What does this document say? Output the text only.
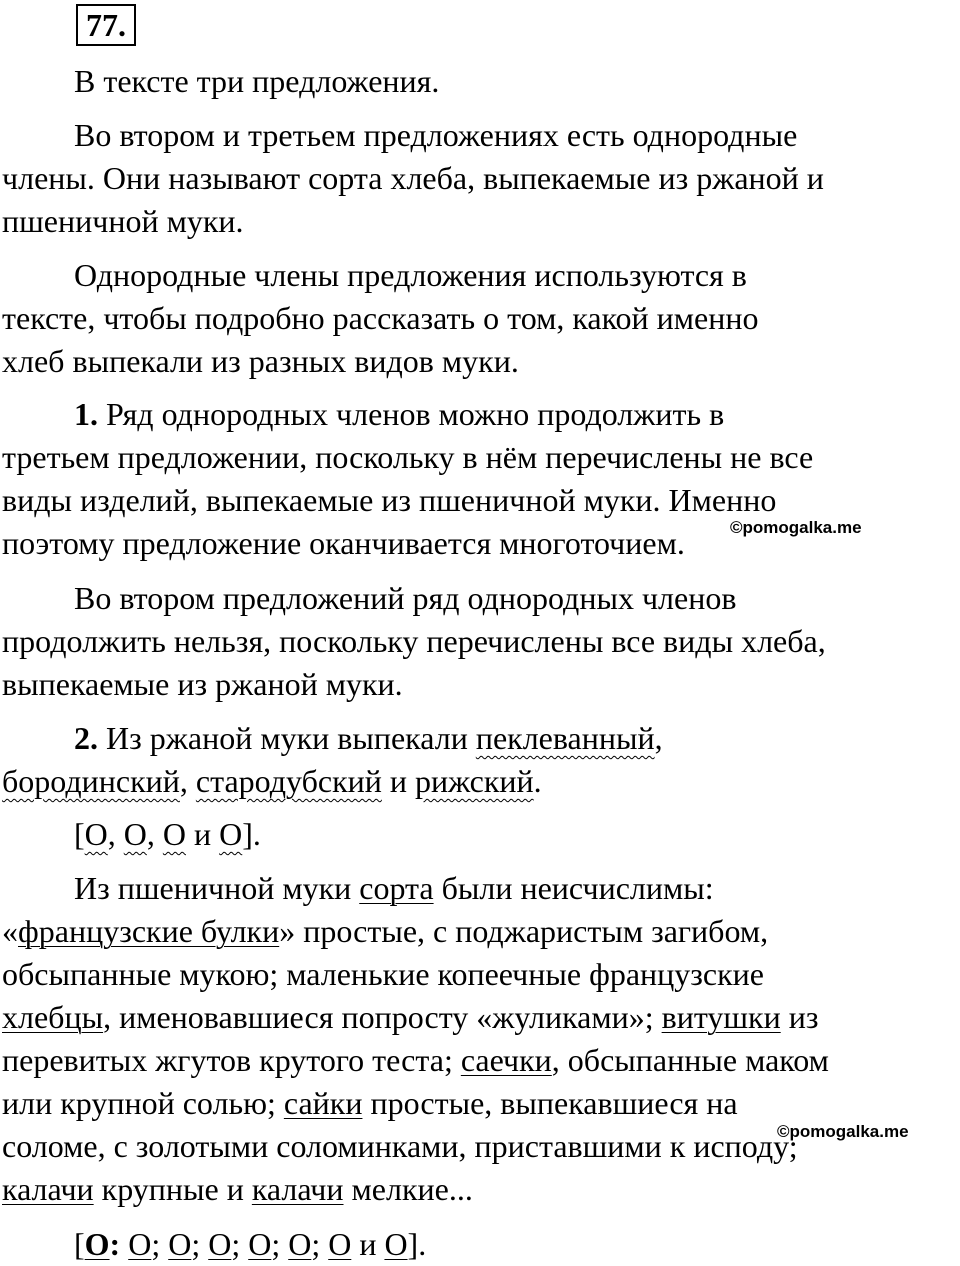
77.

В тексте три предложения.

Во втором и третьем предложениях есть однородные
члены. Они называют сорта хлеба, выпекаемые из ржаной и
пшеничной муки.

Однородные члены предложения используются в
тексте, чтобы подробно рассказать о том, какой именно
хлеб выпекали из разных видов муки.

1. Ряд однородных членов можно продолжить в
третьем предложении, поскольку в нём перечислены не все
виды изделий, выпекаемые из пшеничной муки. Именно
поэтому предложение оканчивается многоточием.	©pomogalka.me

Во втором предложений ряд однородных членов
продолжить нельзя, поскольку перечислены все виды хлеба,
выпекаемые из ржаной муки.

2. Из ржаной муки выпекали пеклеванный,
бородинский, стародубский и рижский.

[О, О, О и О].

Из пшеничной муки сорта были неисчислимы:
«французские булки» простые, с поджаристым загибом,
обсыпанные мукою; маленькие копеечные французские
хлебцы, именовавшиеся попросту «жуликами»; витушки из
перевитых жгутов крутого теста; саечки, обсыпанные маком
или крупной солью; сайки простые, выпекавшиеся на
соломе, с золотыми соломинками, приставшими к исподу;
калачи крупные и калачи мелкие...

©pomogalka.me

[О: О; О; О; О; О; О и О].
